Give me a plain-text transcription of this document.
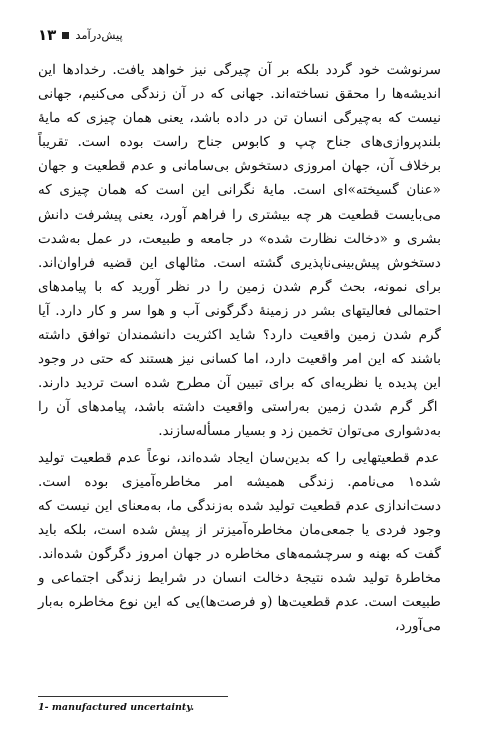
۱۳ پیش‌درآمد

سرنوشت خود گردد بلکه بر آن چیرگی نیز خواهد یافت. رخدادها این اندیشه‌ها را محقق نساخته‌اند. جهانی که در آن زندگی می‌کنیم، جهانی نیست که به‌چیرگی انسان تن در داده باشد، یعنی همان چیزی که مایهٔ بلندپروازی‌های جناح چپ و کابوس جناح راست بوده است. تقریباً برخلاف آن، جهان امروزی دستخوش بی‌سامانی و عدم قطعیت و جهان «عنان گسیخته»ای است. مایهٔ نگرانی این است که همان چیزی که می‌بایست قطعیت هر چه بیشتری را فراهم آورد، یعنی پیشرفت دانش بشری و «دخالت نظارت شده» در جامعه و طبیعت، در عمل به‌شدت دستخوش پیش‌بینی‌ناپذیری گشته است. مثالهای این قضیه فراوان‌اند. برای نمونه، بحث گرم شدن زمین را در نظر آورید که با پیامدهای احتمالی فعالیتهای بشر در زمینهٔ دگرگونی آب و هوا سر و کار دارد. آیا گرم شدن زمین واقعیت دارد؟ شاید اکثریت دانشمندان توافق داشته باشند که این امر واقعیت دارد، اما کسانی نیز هستند که حتی در وجود این پدیده یا نظریه‌ای که برای تبیین آن مطرح شده است تردید دارند. اگر گرم شدن زمین به‌راستی واقعیت داشته باشد، پیامدهای آن را به‌دشواری می‌توان تخمین زد و بسیار مسأله‌سازند.

عدم قطعیتهایی را که بدین‌سان ایجاد شده‌اند، نوعاً عدم قطعیت تولید شده۱ می‌نامم. زندگی همیشه امر مخاطره‌آمیزی بوده است. دست‌اندازی عدم قطعیت تولید شده به‌زندگی ما، به‌معنای این نیست که وجود فردی یا جمعی‌مان مخاطره‌آمیزتر از پیش شده است، بلکه باید گفت که بهنه و سرچشمه‌های مخاطره در جهان امروز دگرگون شده‌اند. مخاطرهٔ تولید شده نتیجهٔ دخالت انسان در شرایط زندگی اجتماعی و طبیعت است. عدم قطعیت‌ها (و فرصت‌ها)یی که این نوع مخاطره به‌بار می‌آورد،

1- manufactured uncertainty.
